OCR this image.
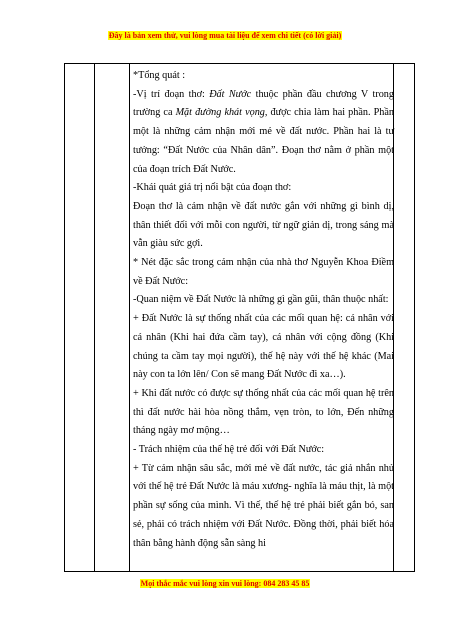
Đây là bản xem thử, vui lòng mua tài liệu để xem chi tiết (có lời giải)

*Tổng quát :

-Vị trí đoạn thơ: Đất Nước thuộc phần đầu chương V trong trường ca Mặt đường khát vọng, được chia làm hai phần. Phần một là những cảm nhận mới mẻ về đất nước. Phần hai là tư tưởng: “Đất Nước của Nhân dân”. Đoạn thơ nằm ở phần một của đoạn trích Đất Nước.

-Khái quát giá trị nổi bật của đoạn thơ:

Đoạn thơ là cảm nhận về đất nước gắn với những gì bình dị, thân thiết đối với mỗi con người, từ ngữ giản dị, trong sáng mà vẫn giàu sức gợi.

* Nét đặc sắc trong cảm nhận của nhà thơ Nguyễn Khoa Điềm về Đất Nước:

-Quan niệm về Đất Nước là những gì gần gũi, thân thuộc nhất:

+ Đất Nước là sự thống nhất của các mối quan hệ: cá nhân với cá nhân (Khi hai đứa cầm tay), cá nhân với cộng đồng (Khi chúng ta cầm tay mọi người), thế hệ này với thế hệ khác (Mai này con ta lớn lên/ Con sẽ mang Đất Nước đi xa…).

+ Khi đất nước có được sự thống nhất của các mối quan hệ trên thì đất nước hài hòa nồng thắm, vẹn tròn, to lớn, Đến những tháng ngày mơ mộng…

- Trách nhiệm của thế hệ trẻ đối với Đất Nước:

+ Từ cảm nhận sâu sắc, mới mẻ về đất nước, tác giả nhắn nhủ với thế hệ trẻ Đất Nước là máu xương- nghĩa là máu thịt, là một phần sự sống của mình. Vì thế, thế hệ trẻ phải biết gắn bó, san sẻ, phải có trách nhiệm với Đất Nước. Đồng thời, phải biết hóa thân bằng hành động sẵn sàng hi

Mọi thắc mắc vui lòng xin vui lòng: 084 283 45 85
